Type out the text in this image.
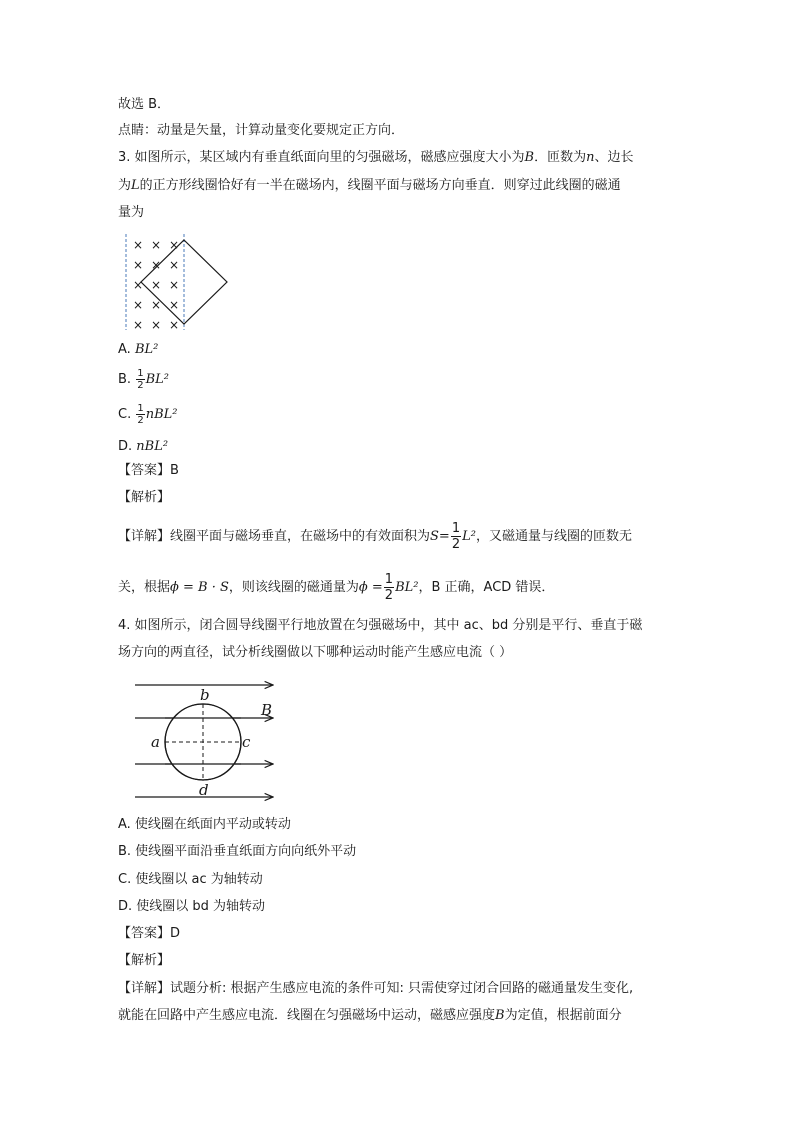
故选 B．
点睛：动量是矢量，计算动量变化要规定正方向．
3. 如图所示，某区域内有垂直纸面向里的匀强磁场，磁感应强度大小为B．匝数为n、边长
为L的正方形线圈恰好有一半在磁场内，线圈平面与磁场方向垂直．则穿过此线圈的磁通
量为
× × ×
× × ×
× × ×
× × ×
× × ×
A. BL²
B. $\frac{1}{2} BL^2$
C. $\frac{1}{2} nBL^2$
D. nBL²
【答案】B
【解析】
【详解】线圈平面与磁场垂直，在磁场中的有效面积为$S= \frac{1}{2} L^2$，又磁通量与线圈的匝数无
关，根据ϕ = B · S，则该线圈的磁通量为$\phi = \frac{1}{2} BL^2$，B 正确，ACD 错误．
4. 如图所示，闭合圆导线圈平行地放置在匀强磁场中，其中 ac、bd 分别是平行、垂直于磁
场方向的两直径，试分析线圈做以下哪种运动时能产生感应电流（ ）
b
B
a	c
d
A. 使线圈在纸面内平动或转动
B. 使线圈平面沿垂直纸面方向向纸外平动
C. 使线圈以 ac 为轴转动
D. 使线圈以 bd 为轴转动
【答案】D
【解析】
【详解】试题分析: 根据产生感应电流的条件可知: 只需使穿过闭合回路的磁通量发生变化,
就能在回路中产生感应电流．线圈在匀强磁场中运动，磁感应强度B为定值，根据前面分
